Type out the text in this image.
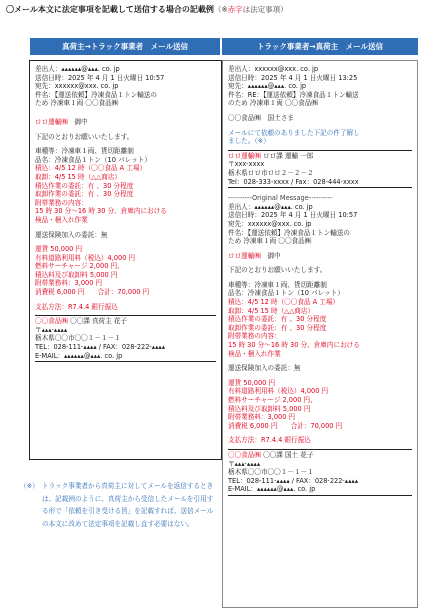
〇メール本文に法定事項を記載して送信する場合の記載例（※赤字は法定事項）
真荷主→トラック事業者　メール送信	トラック事業者→真荷主　メール送信
差出人：▴▴▴▴▴▴@▴▴▴. co. jp
送信日時：2025 年 4 月 1 日火曜日 10:57
宛先：xxxxxx@xxx. co. jp
件名：【運送依頼】冷凍食品１トン輸送の
ため 冷凍車１両 〇〇食品㈱
ロロ運輸㈱　御中
下記のとおりお願いいたします。
車種等：冷凍車１両、貨切距離制
品名：冷凍食品１トン（10 パレット）
積込：4/5 12 時（〇〇食品 A 工場）
取卸：4/5 15 時（△△商店）
積込作業の委託：有 、30 分程度
取卸作業の委託：有 、30 分程度
附帯業務の内容：
15 時 30 分～16 時 30 分、倉庫内における
検品・梱入れ作業
運送保険加入の委託：無
運賃 50,000 円
有料道路利用料（税込）4,000 円
燃料サーチャージ 2,000 円、
積込料及び取卸料 5,000 円
附帯業務料：3,000 円
消費税 6,000 円　　合計：70,000 円
支払方法：R7.4.4 銀行振込
〇〇食品㈱ 〇〇課 真荷主 花子
〒▴▴▴-▴▴▴▴
栃木県〇〇市〇〇１－１－１
TEL：028-111-▴▴▴▴ / FAX：028-222-▴▴▴▴
E-MAIL：▴▴▴▴▴▴@▴▴▴. co. jp
（※） トラック事業者から真荷主に対してメールを返信するときは、記載例のように、真荷主から受信したメールを引用する形で「依頼を引き受ける旨」を記載すれば、送信メールの本文に改めて法定事項を記載し直す必要はない。
差出人：xxxxxx@xxx. co. jp
送信日時：2025 年 4 月 1 日火曜日 13:25
宛先：▴▴▴▴▴▴@▴▴▴. co. jp
件名：RE：【運送依頼】冷凍食品１トン輸送
のため 冷凍車１両 〇〇食品㈱
〇〇食品㈱　国土さま
メールにて依頼のありました下記の件了解し
ました。（※）
ロロ運輸㈱ ロロ課 運輸 一郎
〒xxx-xxxx
栃木県ロロ市ロロ２－２－２
Tel：028-333-xxxx / Fax：028-444-xxxx
----------Original Message----------
差出人：▴▴▴▴▴▴@▴▴▴. co. jp
送信日時：2025 年 4 月 1 日火曜日 10:57
宛先：xxxxxx@xxx. co. jp
件名：【運送依頼】冷凍食品１トン輸送の
ため 冷凍車１両 〇〇食品㈱
ロロ運輸㈱　御中
下記のとおりお願いいたします。
車種等：冷凍車１両、貨切距離制
品名：冷凍食品１トン（10 パレット）
積込：4/5 12 時（〇〇食品 A 工場）
取卸：4/5 15 時（△△商店）
積込作業の委託：有 、30 分程度
取卸作業の委託：有 、30 分程度
附帯業務の内容：
15 時 30 分～16 時 30 分、倉庫内における
検品・梱入れ作業
運送保険加入の委託：無
運賃 50,000 円
有料道路利用料（税込）4,000 円
燃料サーチャージ 2,000 円、
積込料及び取卸料 5,000 円
附帯業務料：3,000 円
消費税 6,000 円　　合計：70,000 円
支払方法：R7.4.4 銀行振込
〇〇食品㈱ 〇〇課 国土 花子
〒▴▴▴-▴▴▴▴
栃木県〇〇市〇〇１－１－１
TEL：028-111-▴▴▴▴ / FAX：028-222-▴▴▴▴
E-MAIL：▴▴▴▴▴▴@▴▴▴. co. jp
